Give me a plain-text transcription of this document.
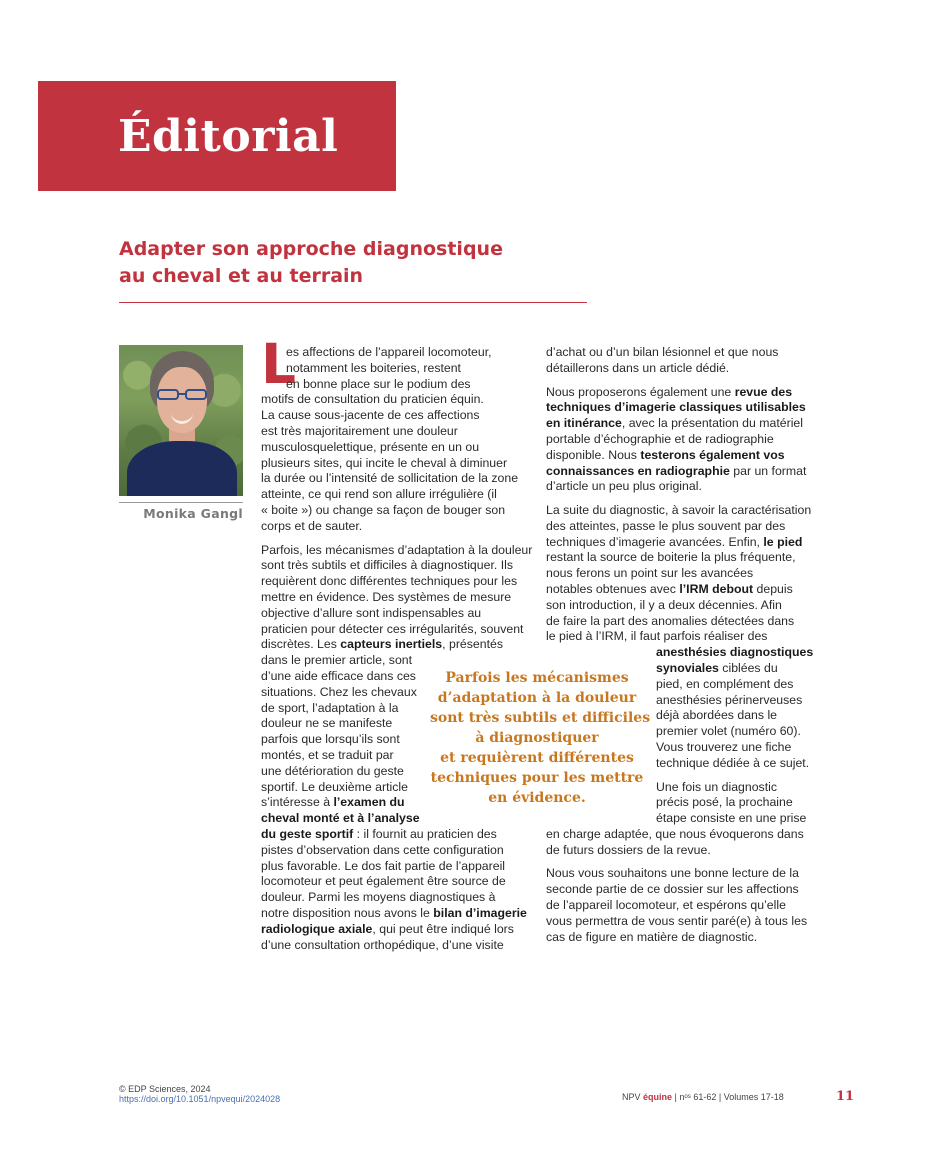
Éditorial
Adapter son approche diagnostique
au cheval et au terrain
Monika Gangl
L
es affections de l’appareil locomoteur,
notamment les boiteries, restent
en bonne place sur le podium des
motifs de consultation du praticien équin.
La cause sous-jacente de ces affections
est très majoritairement une douleur
musculosquelettique, présente en un ou
plusieurs sites, qui incite le cheval à diminuer
la durée ou l’intensité de sollicitation de la zone
atteinte, ce qui rend son allure irrégulière (il
« boite ») ou change sa façon de bouger son
corps et de sauter.
Parfois, les mécanismes d’adaptation à la douleur
sont très subtils et difficiles à diagnostiquer. Ils
requièrent donc différentes techniques pour les
mettre en évidence. Des systèmes de mesure
objective d’allure sont indispensables au
praticien pour détecter ces irrégularités, souvent
discrètes. Les capteurs inertiels, présentés
dans le premier article, sont
d’une aide efficace dans ces
situations. Chez les chevaux
de sport, l’adaptation à la
douleur ne se manifeste
parfois que lorsqu’ils sont
montés, et se traduit par
une détérioration du geste
sportif. Le deuxième article
s’intéresse à l’examen du
cheval monté et à l’analyse
du geste sportif : il fournit au praticien des
pistes d’observation dans cette configuration
plus favorable. Le dos fait partie de l’appareil
locomoteur et peut également être source de
douleur. Parmi les moyens diagnostiques à
notre disposition nous avons le bilan d’imagerie
radiologique axiale, qui peut être indiqué lors
d’une consultation orthopédique, d’une visite
d’achat ou d’un bilan lésionnel et que nous
détaillerons dans un article dédié.
Nous proposerons également une revue des
techniques d’imagerie classiques utilisables
en itinérance, avec la présentation du matériel
portable d’échographie et de radiographie
disponible. Nous testerons également vos
connaissances en radiographie par un format
d’article un peu plus original.
La suite du diagnostic, à savoir la caractérisation
des atteintes, passe le plus souvent par des
techniques d’imagerie avancées. Enfin, le pied
restant la source de boiterie la plus fréquente,
nous ferons un point sur les avancées
notables obtenues avec l’IRM debout depuis
son introduction, il y a deux décennies. Afin
de faire la part des anomalies détectées dans
le pied à l’IRM, il faut parfois réaliser des
anesthésies diagnostiques
synoviales ciblées du
pied, en complément des
anesthésies périnerveuses
déjà abordées dans le
premier volet (numéro 60).
Vous trouverez une fiche
technique dédiée à ce sujet.
Une fois un diagnostic
précis posé, la prochaine
étape consiste en une prise
en charge adaptée, que nous évoquerons dans
de futurs dossiers de la revue.
Nous vous souhaitons une bonne lecture de la
seconde partie de ce dossier sur les affections
de l’appareil locomoteur, et espérons qu’elle
vous permettra de vous sentir paré(e) à tous les
cas de figure en matière de diagnostic.
Parfois les mécanismes
d’adaptation à la douleur
sont très subtils et difficiles
à diagnostiquer
et requièrent différentes
techniques pour les mettre
en évidence.
© EDP Sciences, 2024
https://doi.org/10.1051/npvequi/2024028	NPV équine | nᵒˢ 61-62 | Volumes 17-18	11
